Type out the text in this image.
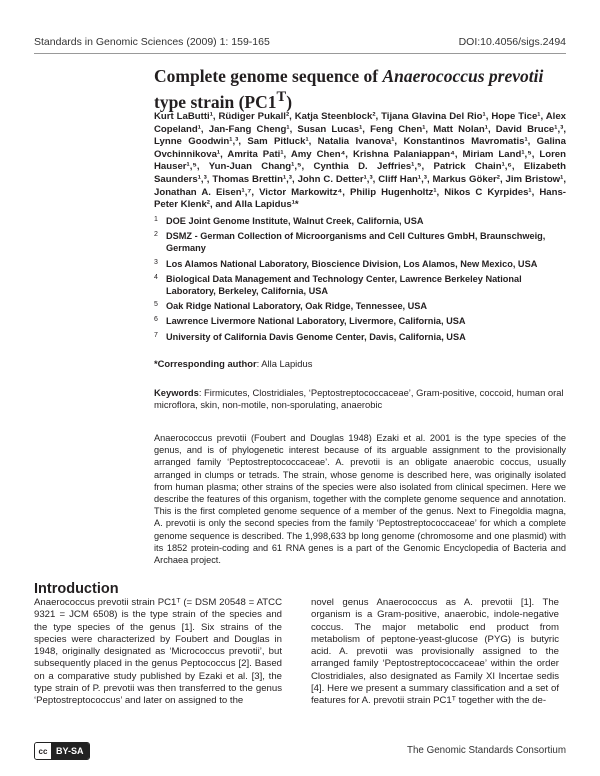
Standards in Genomic Sciences (2009) 1: 159-165	DOI:10.4056/sigs.2494
Complete genome sequence of Anaerococcus prevotii
type strain $(PC1^T)$
Kurt LaButti¹, Rüdiger Pukall², Katja Steenblock², Tijana Glavina Del Rio¹, Hope Tice¹, Alex Copeland¹, Jan-Fang Cheng¹, Susan Lucas¹, Feng Chen¹, Matt Nolan¹, David Bruce¹,³, Lynne Goodwin¹,³, Sam Pitluck¹, Natalia Ivanova¹, Konstantinos Mavromatis¹, Galina Ovchinnikova¹, Amrita Pati¹, Amy Chen⁴, Krishna Palaniappan⁴, Miriam Land¹,⁵, Loren Hauser¹,⁵, Yun-Juan Chang¹,⁵, Cynthia D. Jeffries¹,⁵, Patrick Chain¹,⁶, Elizabeth Saunders¹,³, Thomas Brettin¹,³, John C. Detter¹,³, Cliff Han¹,³, Markus Göker², Jim Bristow¹, Jonathan A. Eisen¹,⁷, Victor Markowitz⁴, Philip Hugenholtz¹, Nikos C Kyrpides¹, Hans-Peter Klenk², and Alla Lapidus¹*
1 DOE Joint Genome Institute, Walnut Creek, California, USA
2 DSMZ - German Collection of Microorganisms and Cell Cultures GmbH, Braunschweig, Germany
3 Los Alamos National Laboratory, Bioscience Division, Los Alamos, New Mexico, USA
4 Biological Data Management and Technology Center, Lawrence Berkeley National Laboratory, Berkeley, California, USA
5 Oak Ridge National Laboratory, Oak Ridge, Tennessee, USA
6 Lawrence Livermore National Laboratory, Livermore, California, USA
7 University of California Davis Genome Center, Davis, California, USA
*Corresponding author: Alla Lapidus
Keywords: Firmicutes, Clostridiales, ‘Peptostreptococcaceae’, Gram-positive, coccoid, human oral microflora, skin, non-motile, non-sporulating, anaerobic
Anaerococcus prevotii (Foubert and Douglas 1948) Ezaki et al. 2001 is the type species of the genus, and is of phylogenetic interest because of its arguable assignment to the provisionally arranged family ‘Peptostreptococcaceae’. A. prevotii is an obligate anaerobic coccus, usually arranged in clumps or tetrads. The strain, whose genome is described here, was originally isolated from human plasma; other strains of the species were also isolated from clinical specimen. Here we describe the features of this organism, together with the complete genome sequence and annotation. This is the first completed genome sequence of a member of the genus. Next to Finegoldia magna, A. prevotii is only the second species from the family ‘Peptostreptococcaceae’ for which a complete genome sequence is described. The 1,998,633 bp long genome (chromosome and one plasmid) with its 1852 protein-coding and 61 RNA genes is a part of the Genomic Encyclopedia of Bacteria and Archaea project.
Introduction
Anaerococcus prevotii strain PC1ᵀ (= DSM 20548 = ATCC 9321 = JCM 6508) is the type strain of the species and the type species of the genus [1]. Six strains of the species were characterized by Foubert and Douglas in 1948, originally designated as ‘Micrococcus prevotii’, but subsequently placed in the genus Peptococcus [2]. Based on a comparative study published by Ezaki et al. [3], the type strain of P. prevotii was then transferred to the genus ‘Peptostreptococcus’ and later on assigned to the
novel genus Anaerococcus as A. prevotii [1]. The organism is a Gram-positive, anaerobic, indole-negative coccus. The major metabolic end product from metabolism of peptone-yeast-glucose (PYG) is butyric acid. A. prevotii was provisionally assigned to the arranged family ‘Peptostreptococcaceae’ within the order Clostridiales, also designated as Family XI Incertae sedis [4]. Here we present a summary classification and a set of features for A. prevotii strain PC1ᵀ together with the de-
cc BY-SA	The Genomic Standards Consortium
